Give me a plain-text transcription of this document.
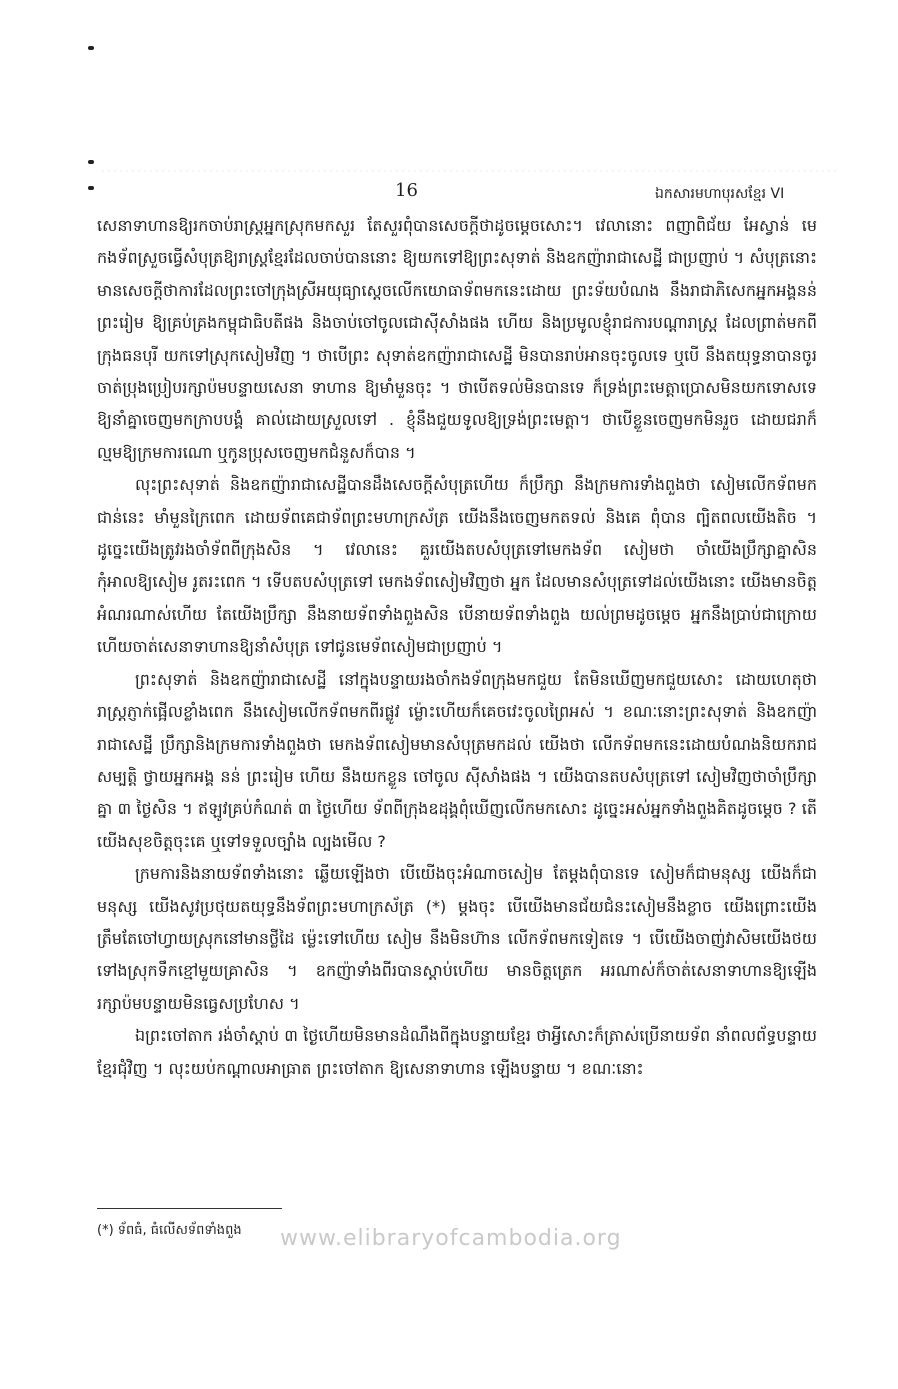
16	ឯកសារមហាបុរសខ្មែរ VI

សេនាទាហានឱ្យរកចាប់រាស្ត្រអ្នកស្រុកមកសួរ តែសួរពុំបានសេចក្តីថាដូចម្តេចសោះ។ វេលានោះ ពញាពិជ័យ អែស្វាន់ មេកងទ័ពស្រួចធ្វើសំបុត្រឱ្យរាស្ត្រខ្មែរដែលចាប់បាននោះ ឱ្យយកទៅឱ្យព្រះសុទាត់ និងឧកញ៉ារាជាសេដ្ឋី ជាប្រញាប់ ។ សំបុត្រនោះមានសេចក្តីថាការដែលព្រះចៅក្រុងស្រីអយុធ្យាស្តេចលើកយោធាទ័ពមកនេះដោយ ព្រះទ័យបំណង នឹងរាជាភិសេកអ្នកអង្គនន់ ព្រះរៀម ឱ្យគ្រប់គ្រងកម្ពុជាធិបតីផង និងចាប់ចៅចូលជោស៊ីសាំងផង ហើយ និងប្រមូលខ្ញុំរាជការបណ្តារាស្ត្រ ដែលព្រាត់មកពីក្រុងធនបុរី យកទៅស្រុកសៀមវិញ ។ ថាបើព្រះ សុទាត់ឧកញ៉ារាជាសេដ្ឋី មិនបានរាប់អានចុះចូលទេ ឬបើ នឹងតយុទ្ធនាបានចូរចាត់ប្រុងប្រៀបរក្សាប៉មបន្ទាយសេនា ទាហាន ឱ្យមាំមួនចុះ ។ ថាបើតទល់មិនបានទេ ក៏ទ្រង់ព្រះមេត្តាប្រោសមិនយកទោសទេ ឱ្យនាំគ្នាចេញមកក្រាបបង្គំ គាល់ដោយស្រួលទៅ . ខ្ញុំនឹងជួយទូលឱ្យទ្រង់ព្រះមេត្តា។ ថាបើខ្លួនចេញមកមិនរួច ដោយជរាក៏ល្មមឱ្យក្រមការណោ ឬកូនប្រុសចេញមកជំនួសក៏បាន ។

លុះព្រះសុទាត់ និងឧកញ៉ារាជាសេដ្ឋីបានដឹងសេចក្តីសំបុត្រហើយ ក៏ប្រឹក្សា នឹងក្រមការទាំងពួងថា សៀមលើកទ័ពមកជាន់នេះ មាំមួនក្រៃពេក ដោយទ័ពគេជាទ័ពព្រះមហាក្រស័ត្រ យើងនឹងចេញមកតទល់ និងគេ ពុំបាន ព្បិតពលយើងតិច ។ ដូច្នេះយើងត្រូវរងចាំទ័ពពីក្រុងសិន ។ វេលានេះ គួរយើងតបសំបុត្រទៅមេកងទ័ព សៀមថា ចាំយើងប្រឹក្សាគ្នាសិន កុំអាលឱ្យសៀម រូតរះពេក ។ ទើបតបសំបុត្រទៅ មេកងទ័ពសៀមវិញថា អ្នក ដែលមានសំបុត្រទៅដល់យើងនោះ យើងមានចិត្តអំណរណាស់ហើយ តែយើងប្រឹក្សា នឹងនាយទ័ពទាំងពួងសិន បើនាយទ័ពទាំងពួង យល់ព្រមដូចម្តេច អ្នកនឹងប្រាប់ជាក្រោយហើយចាត់សេនាទាហានឱ្យនាំសំបុត្រ ទៅជូនមេទ័ពសៀមជាប្រញាប់ ។

ព្រះសុទាត់ និងឧកញ៉ារាជាសេដ្ឋី នៅក្នុងបន្ទាយរងចាំកងទ័ពក្រុងមកជួយ តែមិនឃើញមកជួយសោះ ដោយហេតុថា រាស្ត្រភ្ញាក់ផ្អើលខ្លាំងពេក នឹងសៀមលើកទ័ពមកពីរផ្លូវ ម្ល៉ោះហើយក៏គេចវេះចូលព្រៃអស់ ។ ខណៈនោះព្រះសុទាត់ និងឧកញ៉ារាជាសេដ្ឋី ប្រឹក្សានិងក្រមការទាំងពួងថា មេកងទ័ពសៀមមានសំបុត្រមកដល់ យើងថា លើកទ័ពមកនេះដោយបំណងនិយករាជសម្បត្តិ ថ្វាយអ្នកអង្គ នន់ ព្រះរៀម ហើយ នឹងយកខ្លួន ចៅចូល ស៊ីសាំងផង ។ យើងបានតបសំបុត្រទៅ សៀមវិញថាចាំប្រឹក្សាគ្នា ៣ ថ្ងៃសិន ។ ឥឡូវគ្រប់កំណត់ ៣ ថ្ងៃហើយ ទ័ពពីក្រុងឧដុង្គពុំឃើញលើកមកសោះ ដូច្នេះអស់អ្នកទាំងពួងគិតដូចម្តេច ? តើយើងសុខចិត្តចុះគេ ឬទៅទទួលច្បាំង ល្បងមើល ?

ក្រមការនិងនាយទ័ពទាំងនោះ ឆ្លើយឡើងថា បើយើងចុះអំណាចសៀម តែម្តងពុំបានទេ សៀមក៏ជាមនុស្ស យើងក៏ជាមនុស្ស យើងសូវប្រថុយតយុទ្ធនឹងទ័ពព្រះមហាក្រស័ត្រ (*) ម្តងចុះ បើយើងមានជ័យជំនះសៀមនឹងខ្លាច យើងព្រោះយើងត្រឹមតែចៅហ្វាយស្រុកនៅមានថ្លីដៃ ម្ល៉េះទៅហើយ សៀម នឹងមិនហ៊ាន លើកទ័ពមកទៀតទេ ។ បើយើងចាញ់វាសិមយើងថយទៅងស្រុកទឹកខ្មៅមួយគ្រាសិន ។ ឧកញ៉ាទាំងពីរបានស្តាប់ហើយ មានចិត្តត្រេក អរណាស់ក៏ចាត់សេនាទាហានឱ្យឡើងរក្សាប៉មបន្ទាយមិនធ្វេសប្រហែស ។

ឯព្រះចៅតាក រង់ចាំស្តាប់ ៣ ថ្ងៃហើយមិនមានដំណឹងពីក្នុងបន្ទាយខ្មែរ ថាអ្វីសោះក៏ត្រាស់ប្រើនាយទ័ព នាំពលព័ទ្ធបន្ទាយខ្មែរជុំវិញ ។ លុះយប់កណ្តាលអាធ្រាត ព្រះចៅតាក ឱ្យសេនាទាហាន ឡើងបន្ទាយ ។ ខណៈនោះ

(*) ទ័ពធំ, ធំលើសទ័ពទាំងពួង www.elibraryofcambodia.org
